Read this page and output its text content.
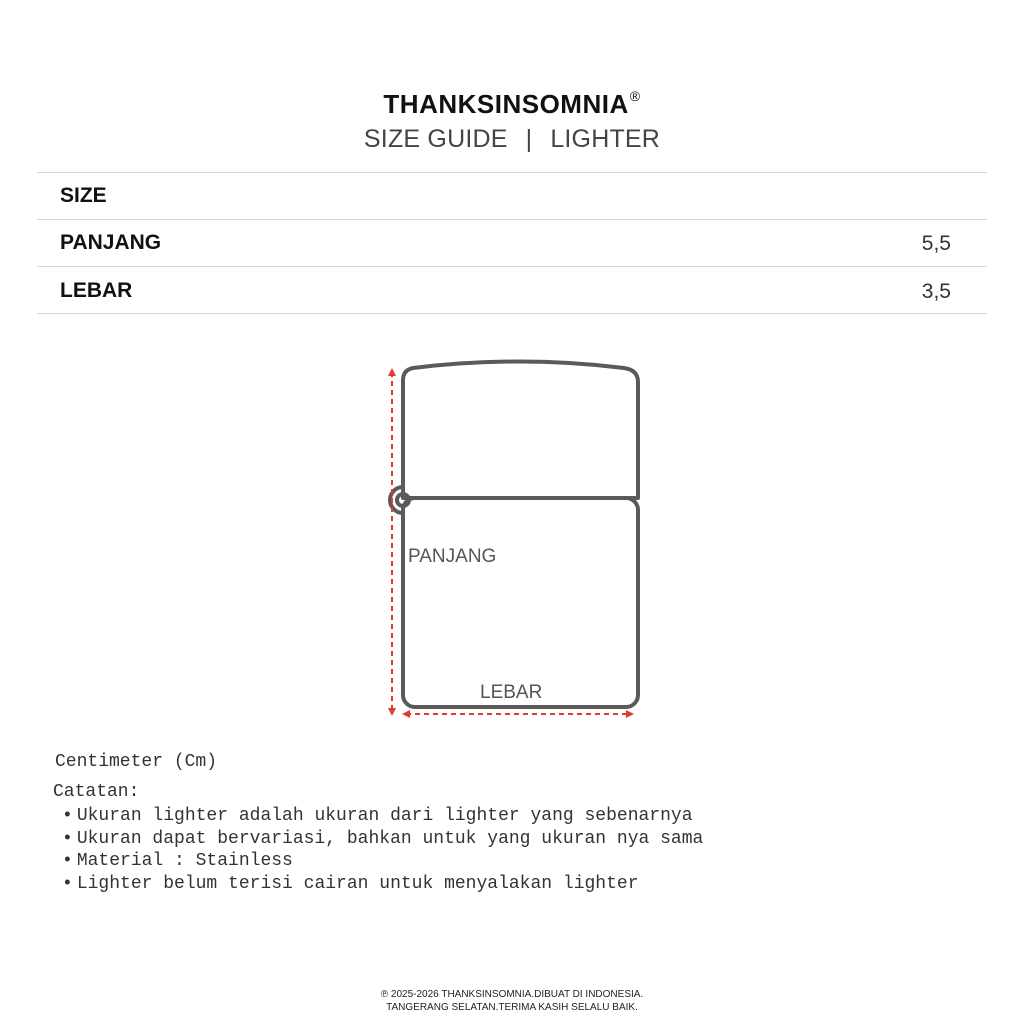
THANKSINSOMNIA®
SIZE GUIDE | LIGHTER
SIZE
PANJANG	5,5
LEBAR	3,5
PANJANG
LEBAR
Centimeter (Cm)
Catatan:
• Ukuran lighter adalah ukuran dari lighter yang sebenarnya
• Ukuran dapat bervariasi, bahkan untuk yang ukuran nya sama
• Material : Stainless
• Lighter belum terisi cairan untuk menyalakan lighter
℗ 2025-2026 THANKSINSOMNIA.DIBUAT DI INDONESIA.
TANGERANG SELATAN.TERIMA KASIH SELALU BAIK.
